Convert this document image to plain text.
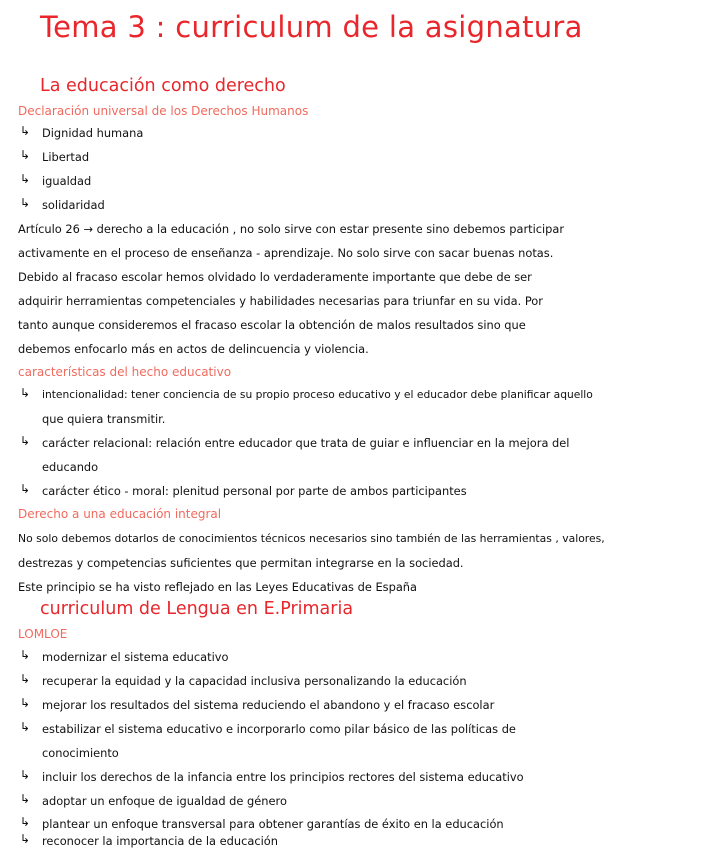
Tema 3 : curriculum de la asignatura
La educación como derecho
Declaración universal de los Derechos Humanos
↳	Dignidad humana
↳	Libertad
↳	igualdad
↳	solidaridad
Artículo 26 → derecho a la educación , no solo sirve con estar presente sino debemos participar
activamente en el proceso de enseñanza - aprendizaje. No solo sirve con sacar buenas notas.
Debido al fracaso escolar hemos olvidado lo verdaderamente importante que debe de ser
adquirir herramientas competenciales y habilidades necesarias para triunfar en su vida. Por
tanto aunque consideremos el fracaso escolar la obtención de malos resultados sino que
debemos enfocarlo más en actos de delincuencia y violencia.
características del hecho educativo
↳	intencionalidad: tener conciencia de su propio proceso educativo y el educador debe planificar aquello
que quiera transmitir.
↳	carácter relacional: relación entre educador que trata de guiar e influenciar en la mejora del
educando
↳	carácter ético - moral: plenitud personal por parte de ambos participantes
Derecho a una educación integral
No solo debemos dotarlos de conocimientos técnicos necesarios sino también de las herramientas , valores,
destrezas y competencias suficientes que permitan integrarse en la sociedad.
Este principio se ha visto reflejado en las Leyes Educativas de España
curriculum de Lengua en E.Primaria
LOMLOE
↳	modernizar el sistema educativo
↳	recuperar la equidad y la capacidad inclusiva personalizando la educación
↳	mejorar los resultados del sistema reduciendo el abandono y el fracaso escolar
↳	estabilizar el sistema educativo e incorporarlo como pilar básico de las políticas de
conocimiento
↳	incluir los derechos de la infancia entre los principios rectores del sistema educativo
↳	adoptar un enfoque de igualdad de género
↳	plantear un enfoque transversal para obtener garantías de éxito en la educación
↳	reconocer la importancia de la educación
